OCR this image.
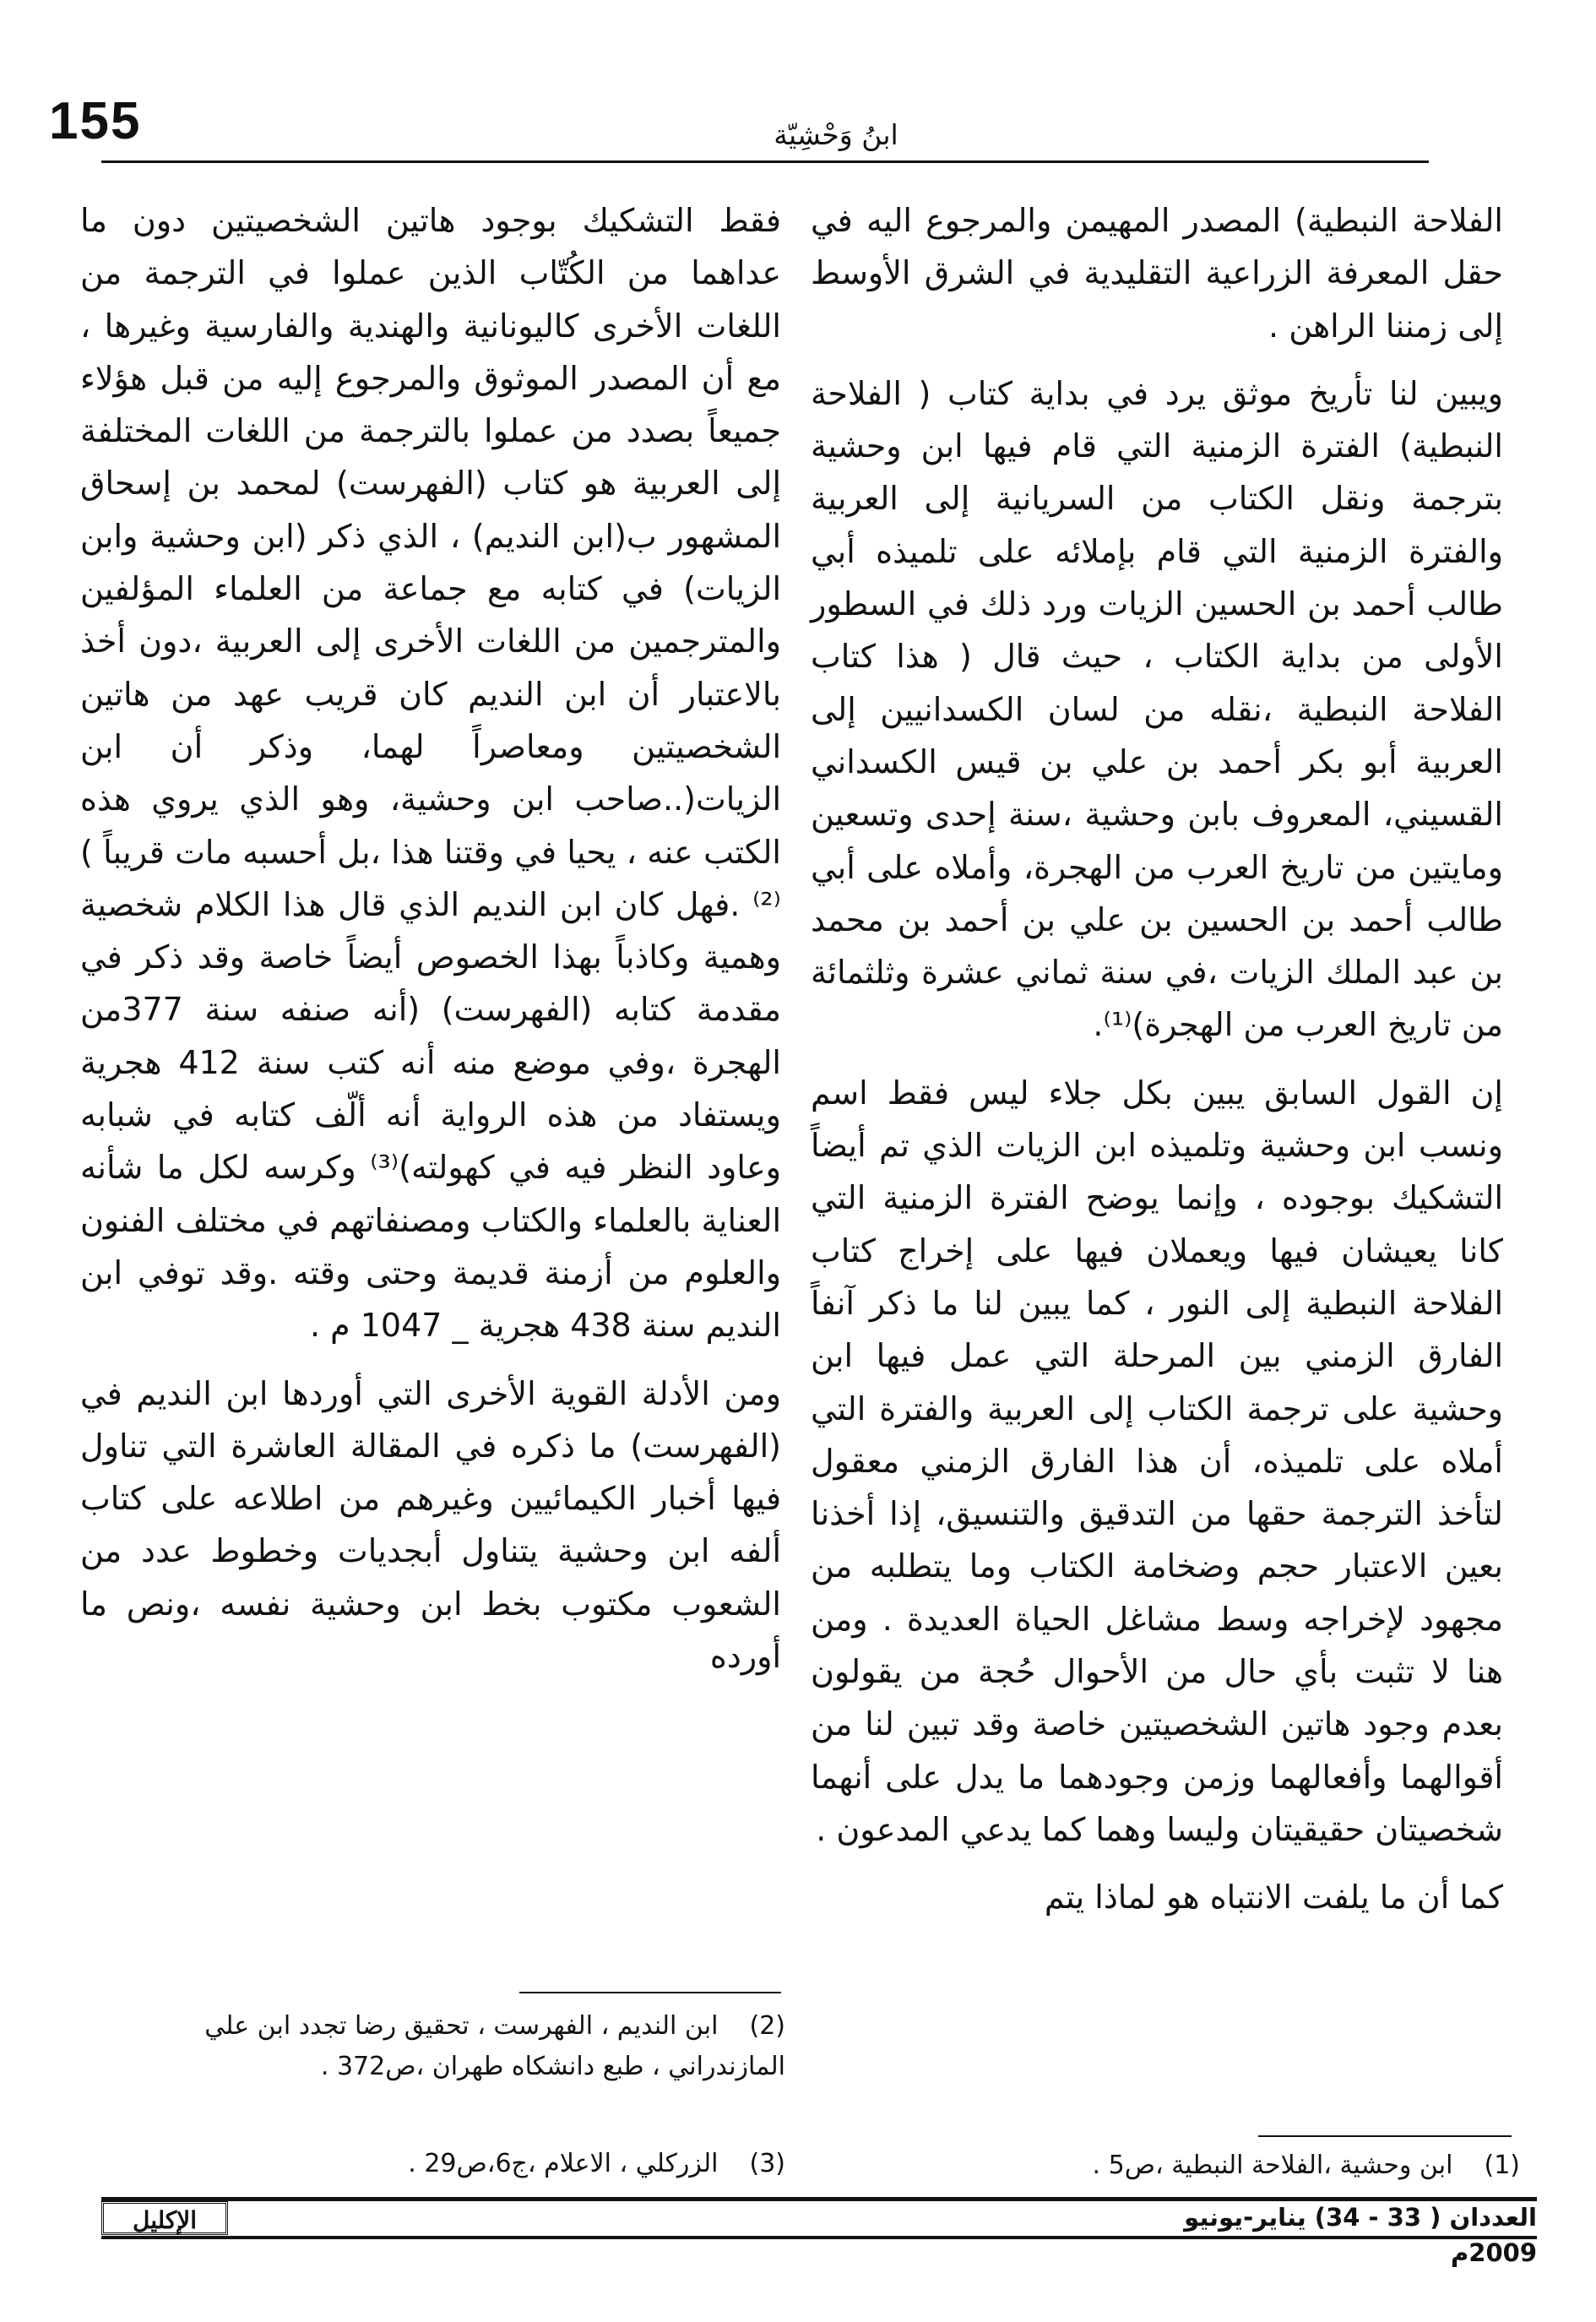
155	ابنُ وَحْشِيّة

الفلاحة النبطية) المصدر المهيمن والمرجوع اليه في حقل المعرفة الزراعية التقليدية في الشرق الأوسط إلى زمننا الراهن .

ويبين لنا تأريخ موثق يرد في بداية كتاب ( الفلاحة النبطية) الفترة الزمنية التي قام فيها ابن وحشية بترجمة ونقل الكتاب من السريانية إلى العربية والفترة الزمنية التي قام بإملائه على تلميذه أبي طالب أحمد بن الحسين الزيات ورد ذلك في السطور الأولى من بداية الكتاب ، حيث قال ( هذا كتاب الفلاحة النبطية ،نقله من لسان الكسدانيين إلى العربية أبو بكر أحمد بن علي بن قيس الكسداني القسيني، المعروف بابن وحشية ،سنة إحدى وتسعين ومايتين من تاريخ العرب من الهجرة، وأملاه على أبي طالب أحمد بن الحسين بن علي بن أحمد بن محمد بن عبد الملك الزيات ،في سنة ثماني عشرة وثلثمائة من تاريخ العرب من الهجرة)⁽¹⁾.

إن القول السابق يبين بكل جلاء ليس فقط اسم ونسب ابن وحشية وتلميذه ابن الزيات الذي تم أيضاً التشكيك بوجوده ، وإنما يوضح الفترة الزمنية التي كانا يعيشان فيها ويعملان فيها على إخراج كتاب الفلاحة النبطية إلى النور ، كما يبين لنا ما ذكر آنفاً الفارق الزمني بين المرحلة التي عمل فيها ابن وحشية على ترجمة الكتاب إلى العربية والفترة التي أملاه على تلميذه، أن هذا الفارق الزمني معقول لتأخذ الترجمة حقها من التدقيق والتنسيق، إذا أخذنا بعين الاعتبار حجم وضخامة الكتاب وما يتطلبه من مجهود لإخراجه وسط مشاغل الحياة العديدة . ومن هنا لا تثبت بأي حال من الأحوال حُجة من يقولون بعدم وجود هاتين الشخصيتين خاصة وقد تبين لنا من أقوالهما وأفعالهما وزمن وجودهما ما يدل على أنهما شخصيتان حقيقيتان وليسا وهما كما يدعي المدعون .

كما أن ما يلفت الانتباه هو لماذا يتم

فقط التشكيك بوجود هاتين الشخصيتين دون ما عداهما من الكُتّاب الذين عملوا في الترجمة من اللغات الأخرى كاليونانية والهندية والفارسية وغيرها ، مع أن المصدر الموثوق والمرجوع إليه من قبل هؤلاء جميعاً بصدد من عملوا بالترجمة من اللغات المختلفة إلى العربية هو كتاب (الفهرست) لمحمد بن إسحاق المشهور ب(ابن النديم) ، الذي ذكر (ابن وحشية وابن الزيات) في كتابه مع جماعة من العلماء المؤلفين والمترجمين من اللغات الأخرى إلى العربية ،دون أخذ بالاعتبار أن ابن النديم كان قريب عهد من هاتين الشخصيتين ومعاصراً لهما، وذكر أن ابن الزيات(..صاحب ابن وحشية، وهو الذي يروي هذه الكتب عنه ، يحيا في وقتنا هذا ،بل أحسبه مات قريباً )⁽²⁾ .فهل كان ابن النديم الذي قال هذا الكلام شخصية وهمية وكاذباً بهذا الخصوص أيضاً خاصة وقد ذكر في مقدمة كتابه (الفهرست) (أنه صنفه سنة 377من الهجرة ،وفي موضع منه أنه كتب سنة 412 هجرية ويستفاد من هذه الرواية أنه ألّف كتابه في شبابه وعاود النظر فيه في كهولته)⁽³⁾ وكرسه لكل ما شأنه العناية بالعلماء والكتاب ومصنفاتهم في مختلف الفنون والعلوم من أزمنة قديمة وحتى وقته .وقد توفي ابن النديم سنة 438 هجرية _ 1047 م .

ومن الأدلة القوية الأخرى التي أوردها ابن النديم في (الفهرست) ما ذكره في المقالة العاشرة التي تناول فيها أخبار الكيمائيين وغيرهم من اطلاعه على كتاب ألفه ابن وحشية يتناول أبجديات وخطوط عدد من الشعوب مكتوب بخط ابن وحشية نفسه ،ونص ما أورده

(2) ابن النديم ، الفهرست ، تحقيق رضا تجدد ابن علي المازندراني ، طبع دانشكاه طهران ،ص372 .
(3) الزركلي ، الاعلام ،ج6،ص29 .	(1) ابن وحشية ،الفلاحة النبطية ،ص5 .
العددان ( 33 - 34) يناير-يونيو 2009م
الإكليل
